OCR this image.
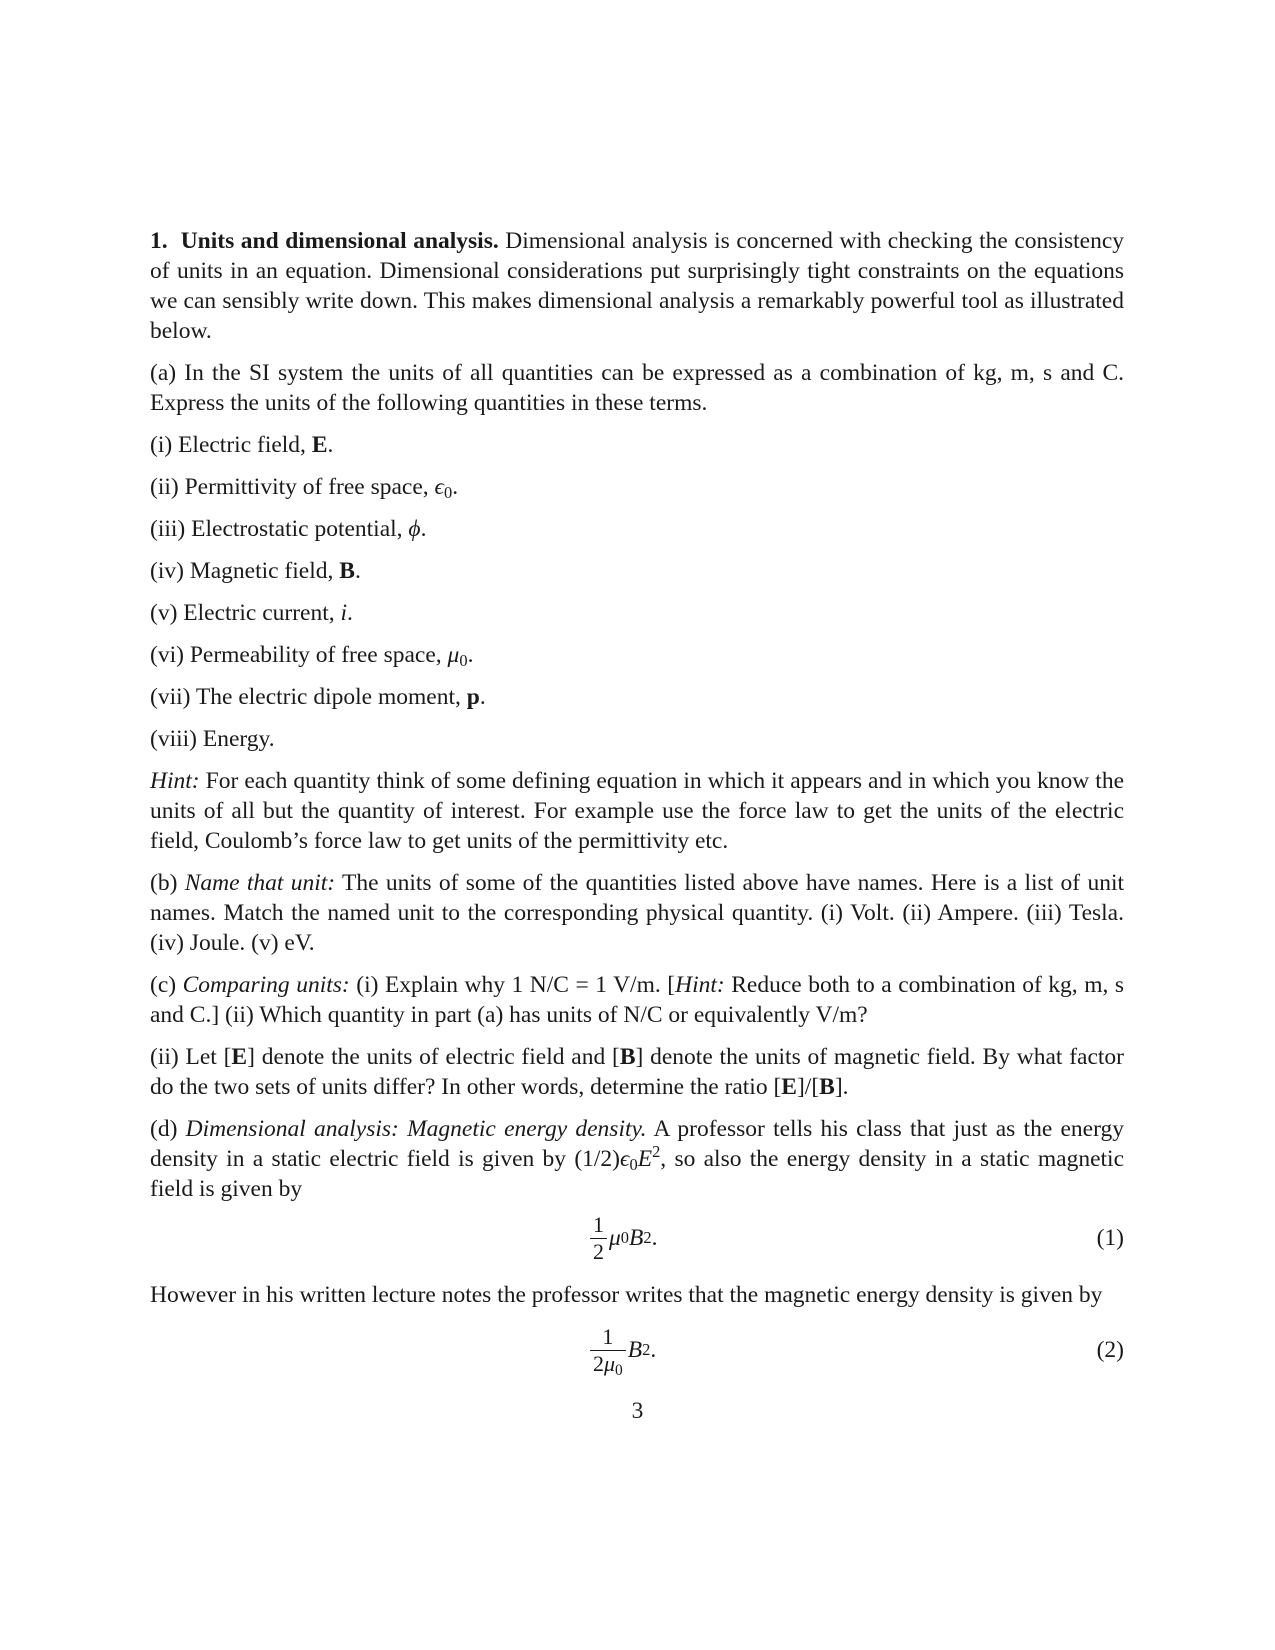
1. Units and dimensional analysis. Dimensional analysis is concerned with checking the consistency of units in an equation. Dimensional considerations put surprisingly tight constraints on the equations we can sensibly write down. This makes dimensional analysis a remarkably powerful tool as illustrated below.

(a) In the SI system the units of all quantities can be expressed as a combination of kg, m, s and C. Express the units of the following quantities in these terms.

(i) Electric field, E.

(ii) Permittivity of free space, $\epsilon_0$.

(iii) Electrostatic potential, ϕ.

(iv) Magnetic field, B.

(v) Electric current, i.

(vi) Permeability of free space, $\mu_0$.

(vii) The electric dipole moment, p.

(viii) Energy.

Hint: For each quantity think of some defining equation in which it appears and in which you know the units of all but the quantity of interest. For example use the force law to get the units of the electric field, Coulomb’s force law to get units of the permittivity etc.

(b) Name that unit: The units of some of the quantities listed above have names. Here is a list of unit names. Match the named unit to the corresponding physical quantity. (i) Volt. (ii) Ampere. (iii) Tesla. (iv) Joule. (v) eV.

(c) Comparing units: (i) Explain why 1 N/C = 1 V/m. [Hint: Reduce both to a combination of kg, m, s and C.] (ii) Which quantity in part (a) has units of N/C or equivalently V/m?

(ii) Let [E] denote the units of electric field and [B] denote the units of magnetic field. By what factor do the two sets of units differ? In other words, determine the ratio [E]/[B].

(d) Dimensional analysis: Magnetic energy density. A professor tells his class that just as the energy density in a static electric field is given by $(1/2)\epsilon_0E^2$, so also the energy density in a static magnetic field is given by

$\frac{1}{2}$ μ 0 B 2 .	(1)

However in his written lecture notes the professor writes that the magnetic energy density is given by

$\frac{1}{2\mu_0}$ B 2 .	(2)
3
